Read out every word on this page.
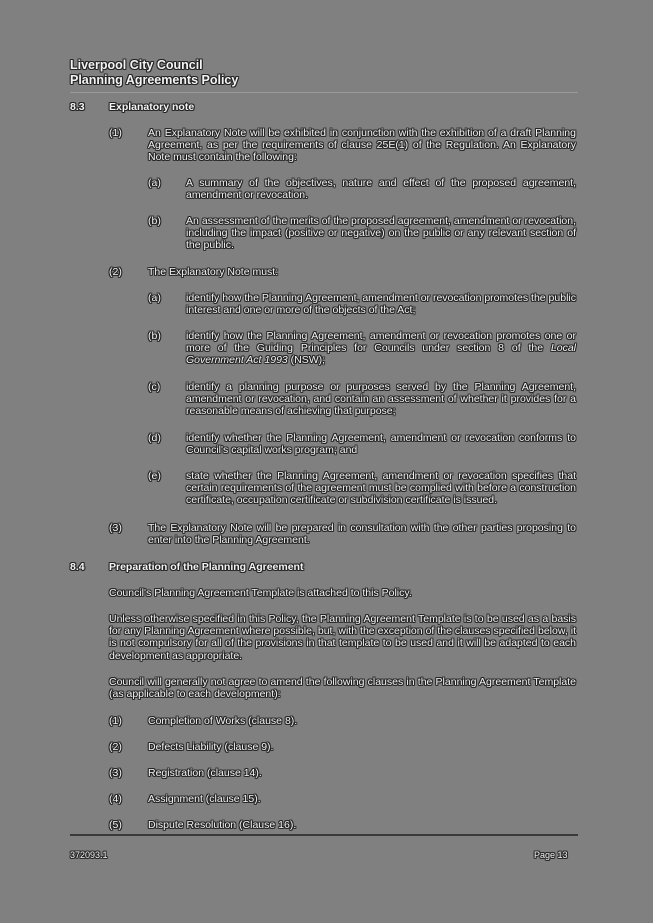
Liverpool City Council
Planning Agreements Policy
8.3 Explanatory note
(1) An Explanatory Note will be exhibited in conjunction with the exhibition of a draft Planning Agreement, as per the requirements of clause 25E(1) of the Regulation. An Explanatory Note must contain the following:
(a) A summary of the objectives, nature and effect of the proposed agreement, amendment or revocation.
(b) An assessment of the merits of the proposed agreement, amendment or revocation, including the impact (positive or negative) on the public or any relevant section of the public.
(2) The Explanatory Note must:
(a) identify how the Planning Agreement, amendment or revocation promotes the public interest and one or more of the objects of the Act;
(b) identify how the Planning Agreement, amendment or revocation promotes one or more of the Guiding Principles for Councils under section 8 of the Local Government Act 1993 (NSW);
(c) identify a planning purpose or purposes served by the Planning Agreement, amendment or revocation, and contain an assessment of whether it provides for a reasonable means of achieving that purpose;
(d) identify whether the Planning Agreement, amendment or revocation conforms to Council's capital works program; and
(e) state whether the Planning Agreement, amendment or revocation specifies that certain requirements of the agreement must be complied with before a construction certificate, occupation certificate or subdivision certificate is issued.
(3) The Explanatory Note will be prepared in consultation with the other parties proposing to enter into the Planning Agreement.
8.4 Preparation of the Planning Agreement
Council's Planning Agreement Template is attached to this Policy.
Unless otherwise specified in this Policy, the Planning Agreement Template is to be used as a basis for any Planning Agreement where possible, but, with the exception of the clauses specified below, it is not compulsory for all of the provisions in that template to be used and it will be adapted to each development as appropriate.
Council will generally not agree to amend the following clauses in the Planning Agreement Template (as applicable to each development):
(1) Completion of Works (clause 8).
(2) Defects Liability (clause 9).
(3) Registration (clause 14).
(4) Assignment (clause 15).
(5) Dispute Resolution (Clause 16).
372093.1	Page 13
